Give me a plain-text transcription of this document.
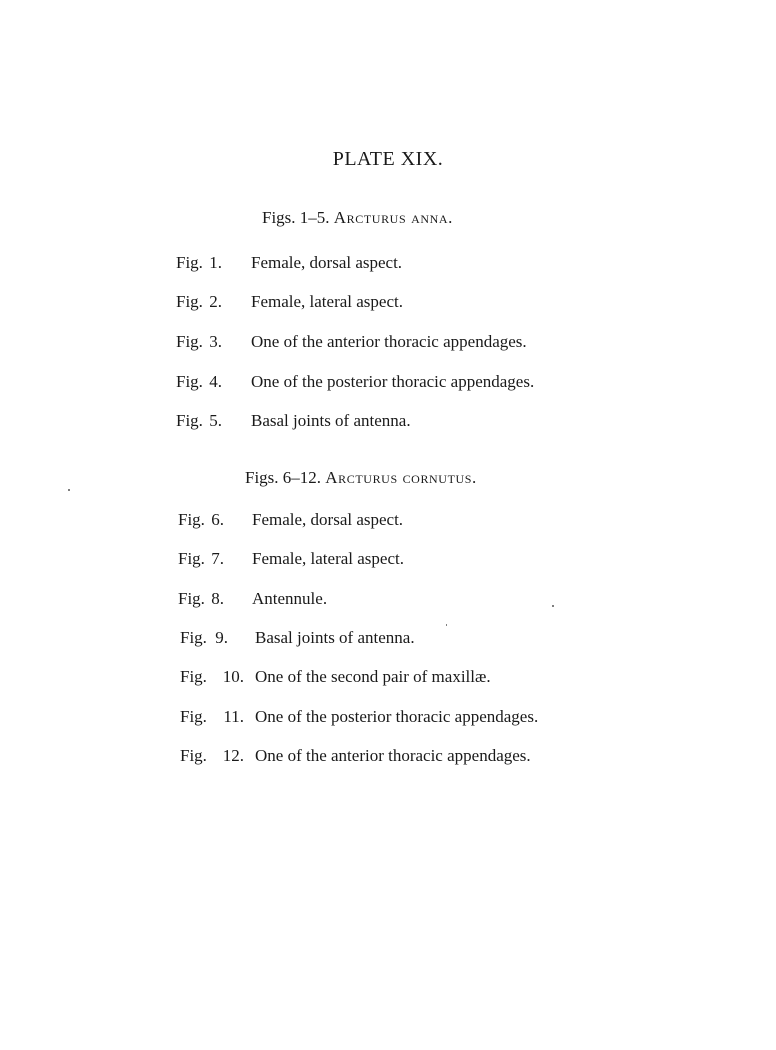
PLATE XIX.
Figs. 1–5. Arcturus anna.
Fig. 1. Female, dorsal aspect.
Fig. 2. Female, lateral aspect.
Fig. 3. One of the anterior thoracic appendages.
Fig. 4. One of the posterior thoracic appendages.
Fig. 5. Basal joints of antenna.
Figs. 6–12. Arcturus cornutus.
Fig. 6. Female, dorsal aspect.
Fig. 7. Female, lateral aspect.
Fig. 8. Antennule.
Fig. 9. Basal joints of antenna.
Fig. 10. One of the second pair of maxillæ.
Fig. 11. One of the posterior thoracic appendages.
Fig. 12. One of the anterior thoracic appendages.
